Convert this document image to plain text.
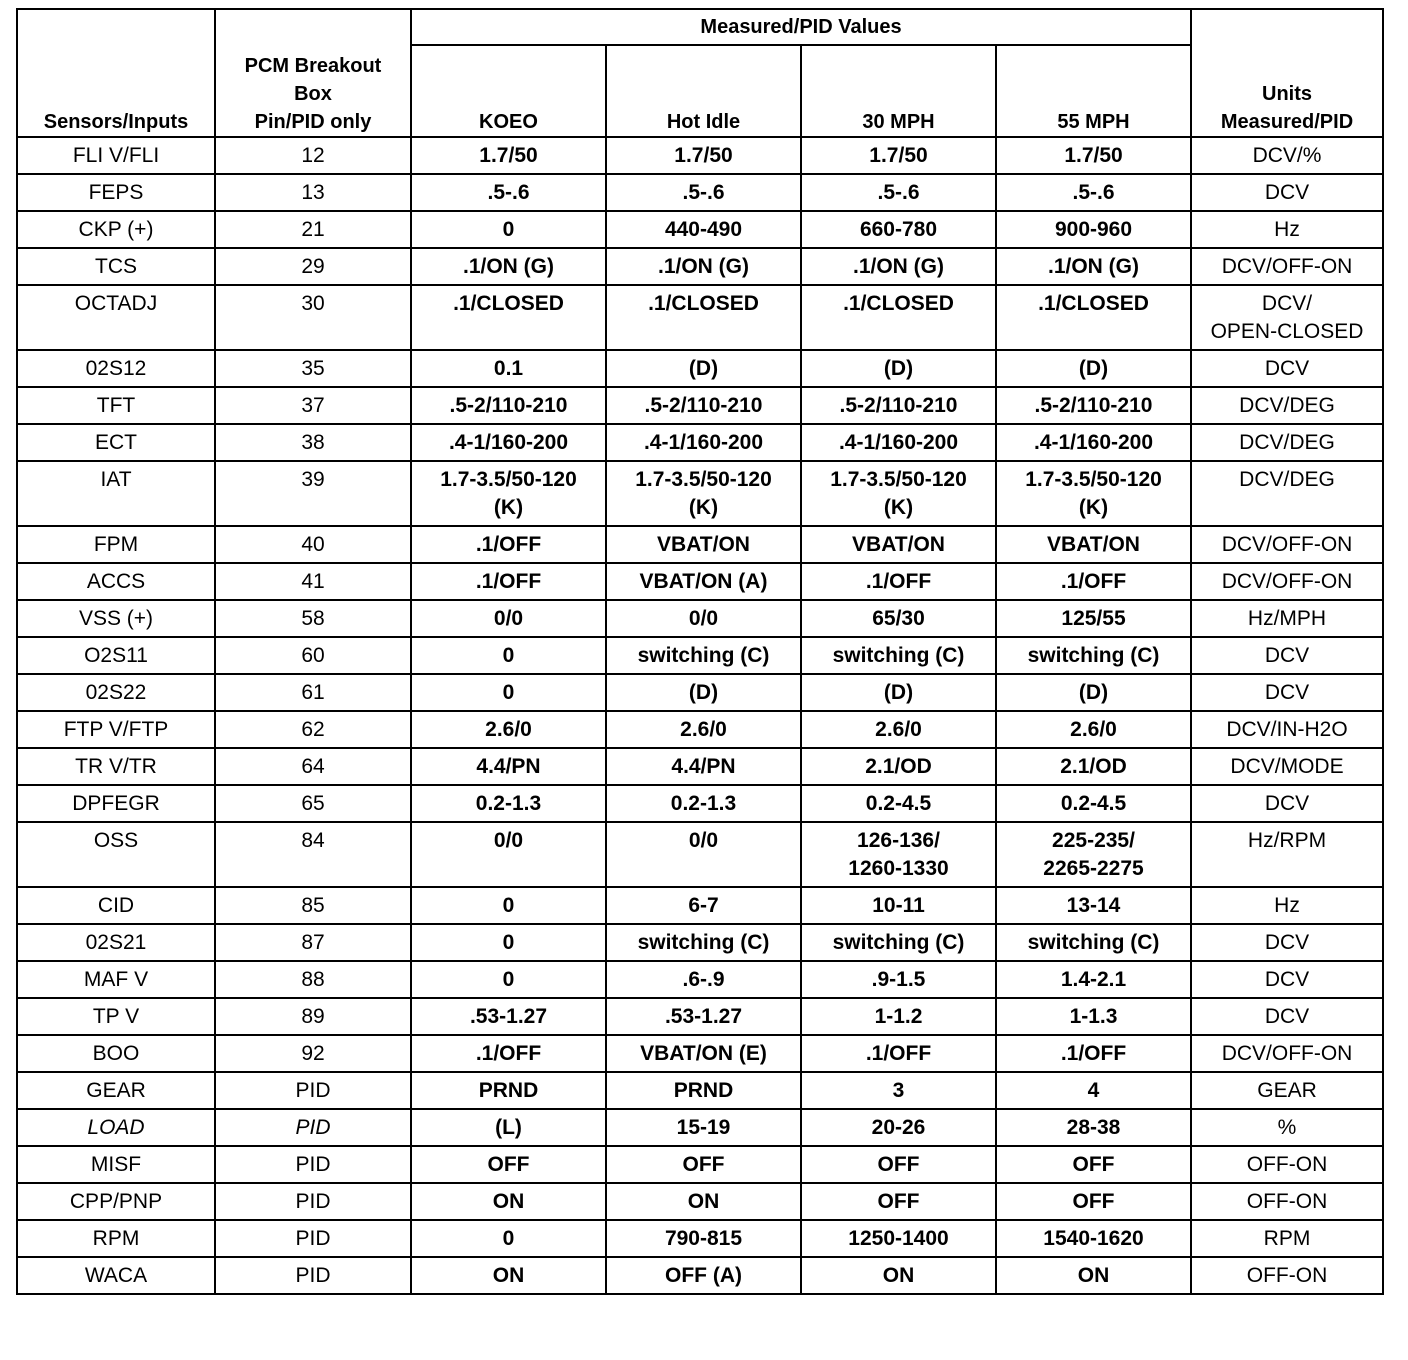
Sensors/Inputs	PCM Breakout
Box
Pin/PID only	Measured/PID Values				Units
Measured/PID

		KOEO	Hot Idle	30 MPH	55 MPH	

FLI V/FLI	12	1.7/50	1.7/50	1.7/50	1.7/50	DCV/%

FEPS	13	.5-.6	.5-.6	.5-.6	.5-.6	DCV

CKP (+)	21	0	440-490	660-780	900-960	Hz

TCS	29	.1/ON (G)	.1/ON (G)	.1/ON (G)	.1/ON (G)	DCV/OFF-ON

OCTADJ	30	.1/CLOSED	.1/CLOSED	.1/CLOSED	.1/CLOSED	DCV/
OPEN-CLOSED

02S12	35	0.1	(D)	(D)	(D)	DCV

TFT	37	.5-2/110-210	.5-2/110-210	.5-2/110-210	.5-2/110-210	DCV/DEG

ECT	38	.4-1/160-200	.4-1/160-200	.4-1/160-200	.4-1/160-200	DCV/DEG

IAT	39	1.7-3.5/50-120
(K)	1.7-3.5/50-120
(K)	1.7-3.5/50-120
(K)	1.7-3.5/50-120
(K)	DCV/DEG

FPM	40	.1/OFF	VBAT/ON	VBAT/ON	VBAT/ON	DCV/OFF-ON

ACCS	41	.1/OFF	VBAT/ON (A)	.1/OFF	.1/OFF	DCV/OFF-ON

VSS (+)	58	0/0	0/0	65/30	125/55	Hz/MPH

O2S11	60	0	switching (C)	switching (C)	switching (C)	DCV

02S22	61	0	(D)	(D)	(D)	DCV

FTP V/FTP	62	2.6/0	2.6/0	2.6/0	2.6/0	DCV/IN-H2O

TR V/TR	64	4.4/PN	4.4/PN	2.1/OD	2.1/OD	DCV/MODE

DPFEGR	65	0.2-1.3	0.2-1.3	0.2-4.5	0.2-4.5	DCV

OSS	84	0/0	0/0	126-136/
1260-1330	225-235/
2265-2275	Hz/RPM

CID	85	0	6-7	10-11	13-14	Hz

02S21	87	0	switching (C)	switching (C)	switching (C)	DCV

MAF V	88	0	.6-.9	.9-1.5	1.4-2.1	DCV

TP V	89	.53-1.27	.53-1.27	1-1.2	1-1.3	DCV

BOO	92	.1/OFF	VBAT/ON (E)	.1/OFF	.1/OFF	DCV/OFF-ON

GEAR	PID	PRND	PRND	3	4	GEAR

LOAD	PID	(L)	15-19	20-26	28-38	%

MISF	PID	OFF	OFF	OFF	OFF	OFF-ON

CPP/PNP	PID	ON	ON	OFF	OFF	OFF-ON

RPM	PID	0	790-815	1250-1400	1540-1620	RPM

WACA	PID	ON	OFF (A)	ON	ON	OFF-ON
